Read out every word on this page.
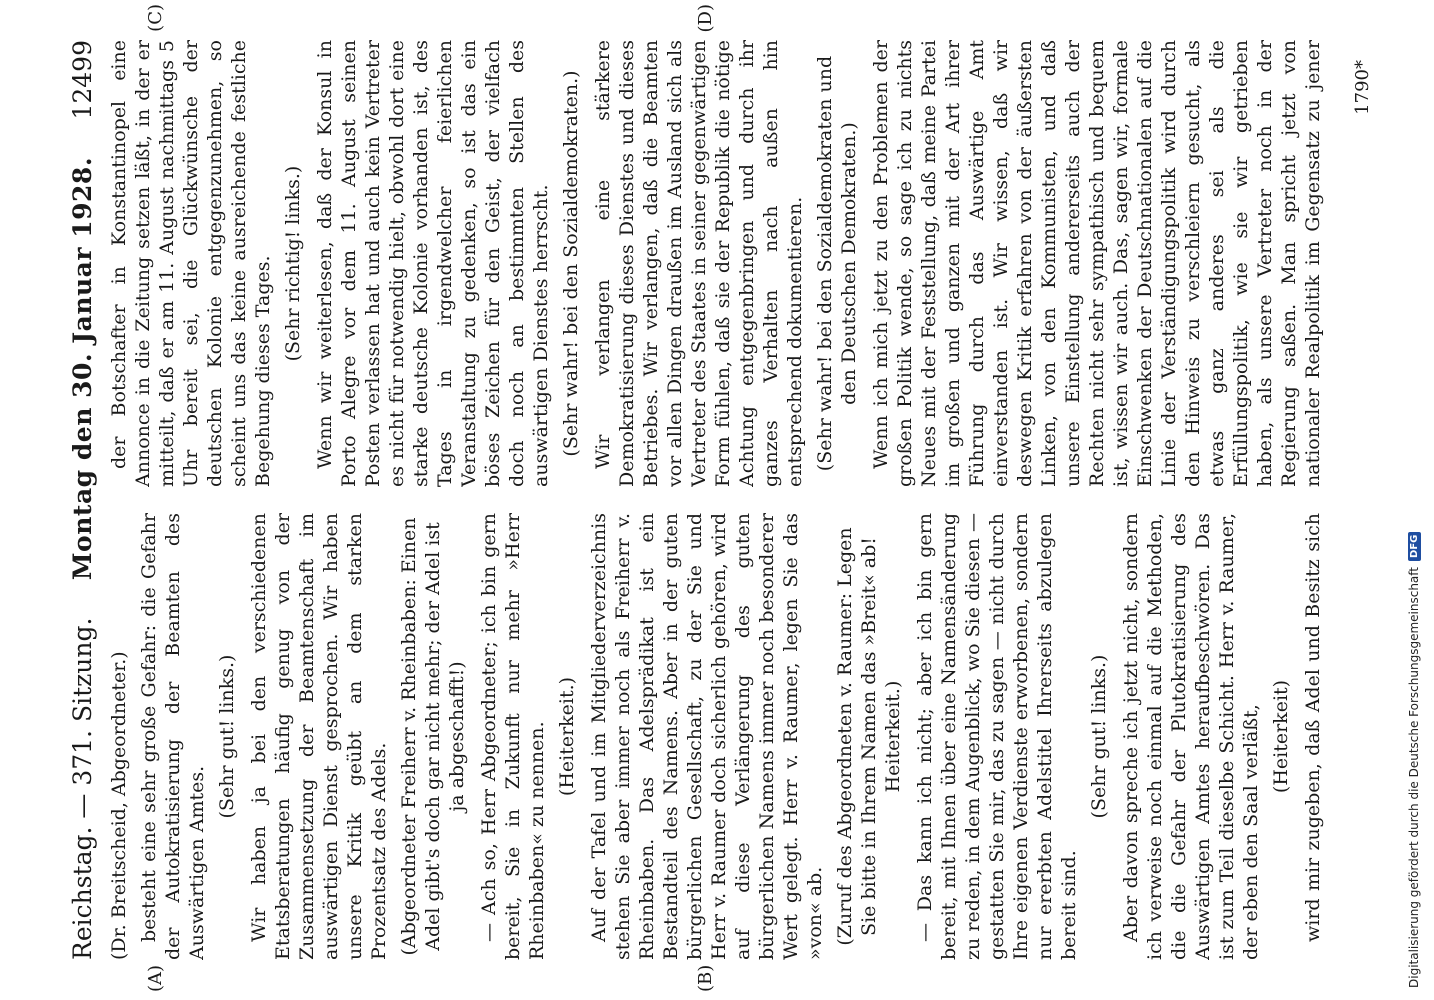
Reichstag. — 371. Sitzung.
Montag den 30. Januar 1928.
12499
(A)	(B)
(C)	(D)

(Dr. Breitscheid, Abgeordneter.) besteht eine sehr große Gefahr: die Gefahr der Autokratisierung der Beamten des Auswärtigen Amtes.

(Sehr gut! links.) Wir haben ja bei den verschiedenen Etatsberatungen häufig genug von der Zusammensetzung der Beamtenschaft im auswärtigen Dienst gesprochen. Wir haben unsere Kritik geübt an dem starken Prozentsatz des Adels. (Abgeordneter Freiherr v. Rheinbaben: Einen Adel gibt's doch gar nicht mehr; der Adel ist ja abgeschafft!) — Ach so, Herr Abgeordneter; ich bin gern bereit, Sie in Zukunft nur mehr »Herr Rheinbaben« zu nennen. (Heiterkeit.) Auf der Tafel und im Mitgliederverzeichnis stehen Sie aber immer noch als Freiherr v. Rheinbaben. Das Adelsprädikat ist ein Bestandteil des Namens. Aber in der guten bürgerlichen Gesellschaft, zu der Sie und Herr v. Raumer doch sicherlich gehören, wird auf diese Verlängerung des guten bürgerlichen Namens immer noch besonderer Wert gelegt. Herr v. Raumer, legen Sie das »von« ab. (Zuruf des Abgeordneten v. Raumer: Legen Sie bitte in Ihrem Namen das »Breit« ab! Heiterkeit.) — Das kann ich nicht; aber ich bin gern bereit, mit Ihnen über eine Namensänderung zu reden, in dem Augenblick, wo Sie diesen — gestatten Sie mir, das zu sagen — nicht durch Ihre eigenen Verdienste erworbenen, sondern nur ererbten Adelstitel Ihrerseits abzulegen bereit sind.

(Sehr gut! links.) Aber davon spreche ich jetzt nicht, sondern ich verweise noch einmal auf die Methoden, die die Gefahr der Plutokratisierung des Auswärtigen Amtes heraufbeschwören. Das ist zum Teil dieselbe Schicht. Herr v. Raumer, der eben den Saal verläßt, (Heiterkeit)

wird mir zugeben, daß Adel und Besitz sich

der Botschafter in Konstantinopel eine Annonce in die Zeitung setzen läßt, in der er mitteilt, daß er am 11. August nachmittags 5 Uhr bereit sei, die Glückwünsche der deutschen Kolonie entgegenzunehmen, so scheint uns das keine ausreichende festliche Begehung dieses Tages. (Sehr richtig! links.) Wenn wir weiterlesen, daß der Konsul in Porto Alegre vor dem 11. August seinen Posten verlassen hat und auch kein Vertreter es nicht für notwendig hielt, obwohl dort eine starke deutsche Kolonie vorhanden ist, des Tages in irgendwelcher feierlichen Veranstaltung zu gedenken, so ist das ein böses Zeichen für den Geist, der vielfach doch noch an bestimmten Stellen des auswärtigen Dienstes herrscht. (Sehr wahr! bei den Sozialdemokraten.) Wir verlangen eine stärkere Demokratisierung dieses Dienstes und dieses Betriebes. Wir verlangen, daß die Beamten vor allen Dingen draußen im Ausland sich als Vertreter des Staates in seiner gegenwärtigen Form fühlen, daß sie der Republik die nötige Achtung entgegenbringen und durch ihr ganzes Verhalten nach außen hin entsprechend dokumentieren. (Sehr wahr! bei den Sozialdemokraten und den Deutschen Demokraten.)

Wenn ich mich jetzt zu den Problemen der großen Politik wende, so sage ich zu nichts Neues mit der Feststellung, daß meine Partei im großen und ganzen mit der Art ihrer Führung durch das Auswärtige Amt einverstanden ist. Wir wissen, daß wir deswegen Kritik erfahren von der äußersten Linken, von den Kommunisten, und daß unsere Einstellung andererseits auch der Rechten nicht sehr sympathisch und bequem ist, wissen wir auch. Das, sagen wir, formale Einschwenken der Deutschnationalen auf die Linie der Verständigungspolitik wird durch den Hinweis zu verschleiern gesucht, als etwas ganz anderes sei als die Erfüllungspolitik, wie sie wir getrieben haben, als unsere Vertreter noch in der Regierung saßen. Man spricht jetzt von nationaler Realpolitik im Gegensatz zu jener	1790*
Digitalisierung gefördert durch die Deutsche Forschungsgemeinschaft
DFG
